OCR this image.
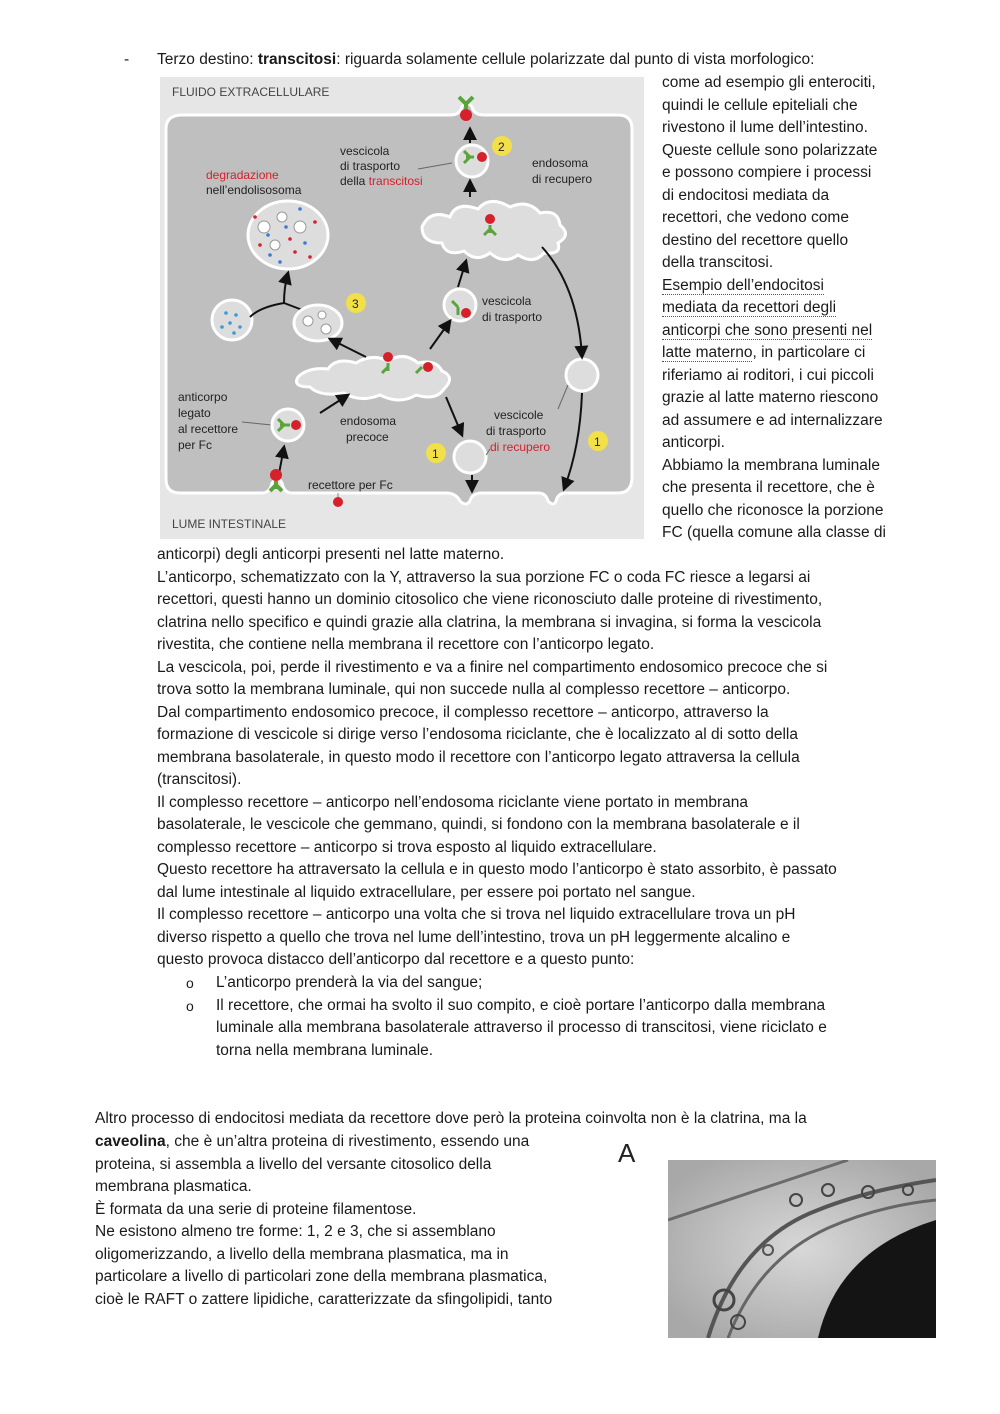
- Terzo destino: transcitosi: riguarda solamente cellule polarizzate dal punto di vista morfologico:
come ad esempio gli enterociti,
quindi le cellule epiteliali che
rivestono il lume dell’intestino.
Queste cellule sono polarizzate
e possono compiere i processi
di endocitosi mediata da
recettori, che vedono come
destino del recettore quello
della transcitosi.
FLUIDO EXTRACELLULARE
LUME INTESTINALE
degradazione
nell’endolisosoma
3
vescicola
di trasporto
della transcitosi
2
endosoma
di recupero
vescicola
di trasporto
endosoma
precoce
anticorpo
legato
al recettore
per Fc
recettore per Fc
vescicole
di trasporto
di recupero
1
1
Esempio dell’endocitosi
mediata da recettori degli
anticorpi che sono presenti nel
latte materno, in particolare ci
riferiamo ai roditori, i cui piccoli
grazie al latte materno riescono
ad assumere e ad internalizzare
anticorpi.
Abbiamo la membrana luminale
che presenta il recettore, che è
quello che riconosce la porzione
FC (quella comune alla classe di
anticorpi) degli anticorpi presenti nel latte materno.
L’anticorpo, schematizzato con la Y, attraverso la sua porzione FC o coda FC riesce a legarsi ai
recettori, questi hanno un dominio citosolico che viene riconosciuto dalle proteine di rivestimento,
clatrina nello specifico e quindi grazie alla clatrina, la membrana si invagina, si forma la vescicola
rivestita, che contiene nella membrana il recettore con l’anticorpo legato.
La vescicola, poi, perde il rivestimento e va a finire nel compartimento endosomico precoce che si
trova sotto la membrana luminale, qui non succede nulla al complesso recettore – anticorpo.
Dal compartimento endosomico precoce, il complesso recettore – anticorpo, attraverso la
formazione di vescicole si dirige verso l’endosoma riciclante, che è localizzato al di sotto della
membrana basolaterale, in questo modo il recettore con l’anticorpo legato attraversa la cellula
(transcitosi).
Il complesso recettore – anticorpo nell’endosoma riciclante viene portato in membrana
basolaterale, le vescicole che gemmano, quindi, si fondono con la membrana basolaterale e il
complesso recettore – anticorpo si trova esposto al liquido extracellulare.
Questo recettore ha attraversato la cellula e in questo modo l’anticorpo è stato assorbito, è passato
dal lume intestinale al liquido extracellulare, per essere poi portato nel sangue.
Il complesso recettore – anticorpo una volta che si trova nel liquido extracellulare trova un pH
diverso rispetto a quello che trova nel lume dell’intestino, trova un pH leggermente alcalino e
questo provoca distacco dell’anticorpo dal recettore e a questo punto:
o L’anticorpo prenderà la via del sangue;
o Il recettore, che ormai ha svolto il suo compito, e cioè portare l’anticorpo dalla membrana
luminale alla membrana basolaterale attraverso il processo di transcitosi, viene riciclato e
torna nella membrana luminale.
Altro processo di endocitosi mediata da recettore dove però la proteina coinvolta non è la clatrina, ma la
caveolina, che è un’altra proteina di rivestimento, essendo una
proteina, si assembla a livello del versante citosolico della
membrana plasmatica.
È formata da una serie di proteine filamentose.
Ne esistono almeno tre forme: 1, 2 e 3, che si assemblano
oligomerizzando, a livello della membrana plasmatica, ma in
particolare a livello di particolari zone della membrana plasmatica,
cioè le RAFT o zattere lipidiche, caratterizzate da sfingolipidi, tanto
A
